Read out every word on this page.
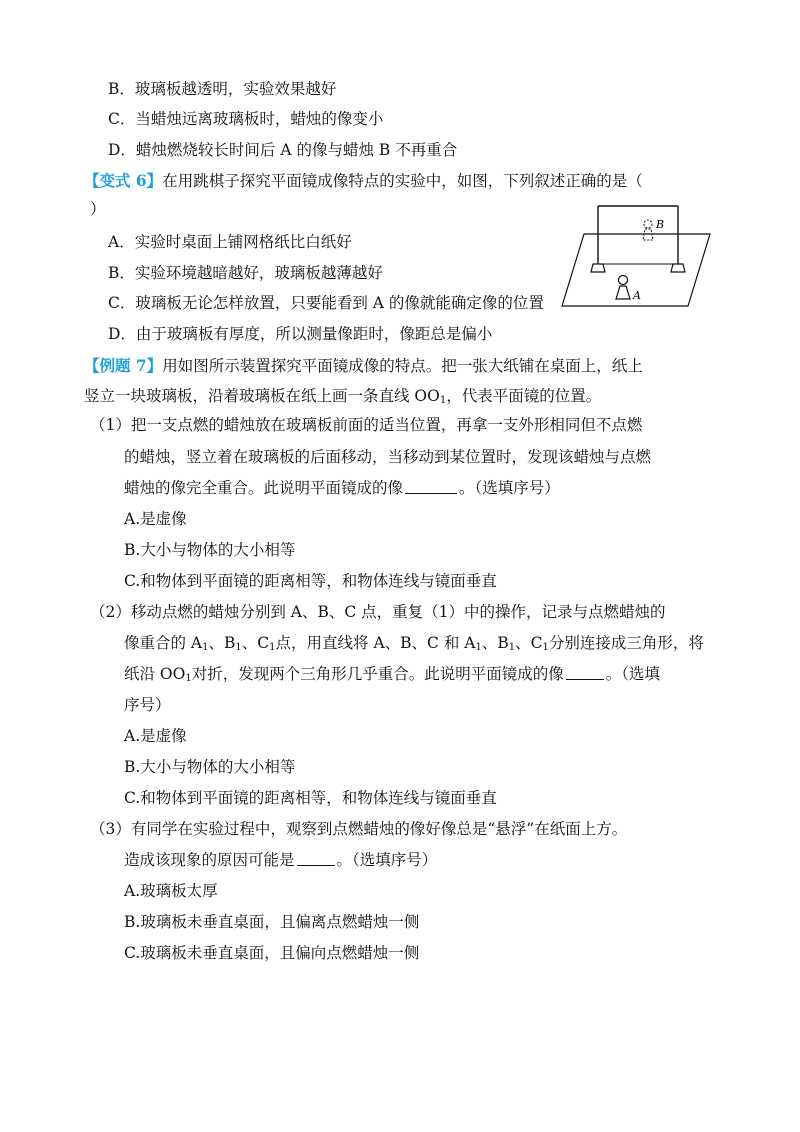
B．玻璃板越透明，实验效果越好
C．当蜡烛远离玻璃板时，蜡烛的像变小
D．蜡烛燃烧较长时间后 A 的像与蜡烛 B 不再重合
【变式 6】在用跳棋子探究平面镜成像特点的实验中，如图，下列叙述正确的是（
）
A．实验时桌面上铺网格纸比白纸好
B．实验环境越暗越好，玻璃板越薄越好
C．玻璃板无论怎样放置，只要能看到 A 的像就能确定像的位置
D．由于玻璃板有厚度，所以测量像距时，像距总是偏小
B
A
【例题 7】用如图所示装置探究平面镜成像的特点。把一张大纸铺在桌面上，纸上
竖立一块玻璃板，沿着玻璃板在纸上画一条直线 $OO_1$，代表平面镜的位置。
（1）把一支点燃的蜡烛放在玻璃板前面的适当位置，再拿一支外形相同但不点燃
的蜡烛，竖立着在玻璃板的后面移动，当移动到某位置时，发现该蜡烛与点燃
蜡烛的像完全重合。此说明平面镜成的像	。（选填序号）
A.是虚像
B.大小与物体的大小相等
C.和物体到平面镜的距离相等，和物体连线与镜面垂直
（2）移动点燃的蜡烛分别到 A、B、C 点，重复（1）中的操作，记录与点燃蜡烛的
像重合的 $A_1$、$B_1$、$C_1$点，用直线将 A、B、C 和 $A_1$、$B_1$、$C_1$分别连接成三角形，将
纸沿 $OO_1$对折，发现两个三角形几乎重合。此说明平面镜成的像	。（选填
序号）
A.是虚像
B.大小与物体的大小相等
C.和物体到平面镜的距离相等，和物体连线与镜面垂直
（3）有同学在实验过程中，观察到点燃蜡烛的像好像总是“悬浮”在纸面上方。
造成该现象的原因可能是	。（选填序号）
A.玻璃板太厚
B.玻璃板未垂直桌面，且偏离点燃蜡烛一侧
C.玻璃板未垂直桌面，且偏向点燃蜡烛一侧
